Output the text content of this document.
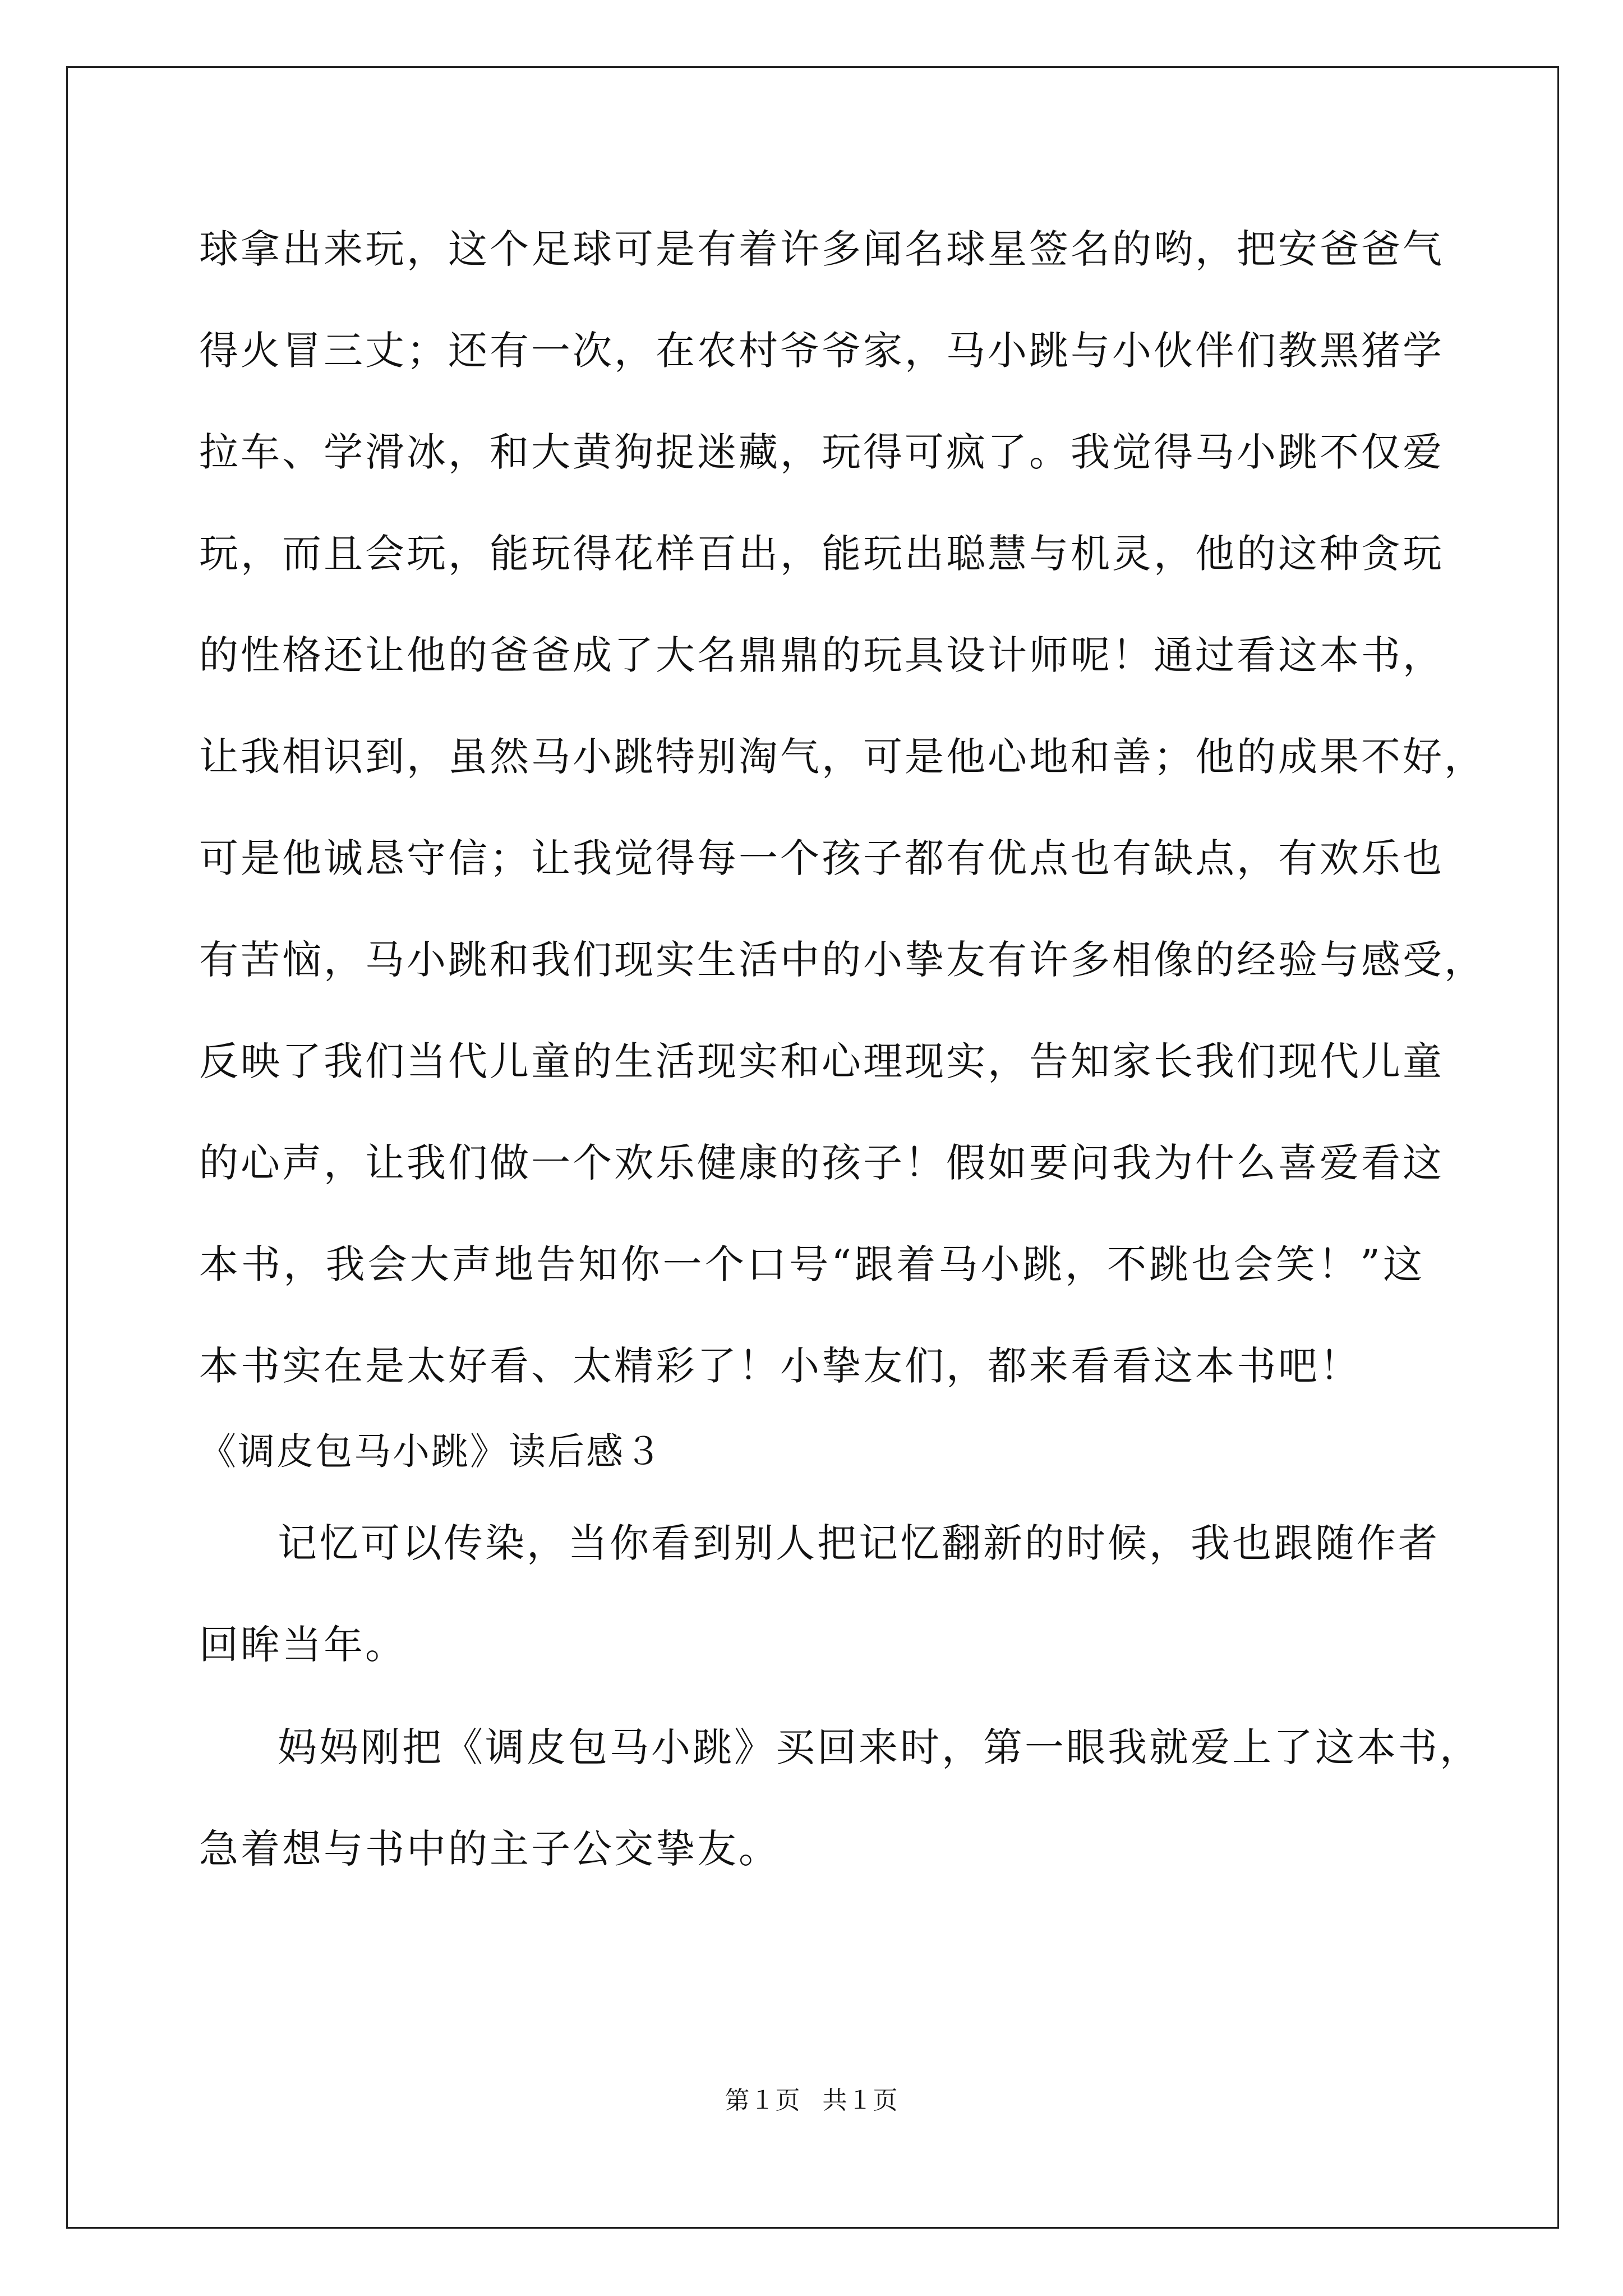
球拿出来玩，这个足球可是有着许多闻名球星签名的哟，把安爸爸气
得火冒三丈；还有一次，在农村爷爷家，马小跳与小伙伴们教黑猪学
拉车、学滑冰，和大黄狗捉迷藏，玩得可疯了。我觉得马小跳不仅爱
玩，而且会玩，能玩得花样百出，能玩出聪慧与机灵，他的这种贪玩
的性格还让他的爸爸成了大名鼎鼎的玩具设计师呢！通过看这本书，
让我相识到，虽然马小跳特别淘气，可是他心地和善；他的成果不好，
可是他诚恳守信；让我觉得每一个孩子都有优点也有缺点，有欢乐也
有苦恼，马小跳和我们现实生活中的小挚友有许多相像的经验与感受，
反映了我们当代儿童的生活现实和心理现实，告知家长我们现代儿童
的心声，让我们做一个欢乐健康的孩子！假如要问我为什么喜爱看这
本书，我会大声地告知你一个口号“跟着马小跳，不跳也会笑！”这
本书实在是太好看、太精彩了！小挚友们，都来看看这本书吧！
《调皮包马小跳》读后感３
记忆可以传染，当你看到别人把记忆翻新的时候，我也跟随作者
回眸当年。
妈妈刚把《调皮包马小跳》买回来时，第一眼我就爱上了这本书，
急着想与书中的主子公交挚友。
第１页 共１页
